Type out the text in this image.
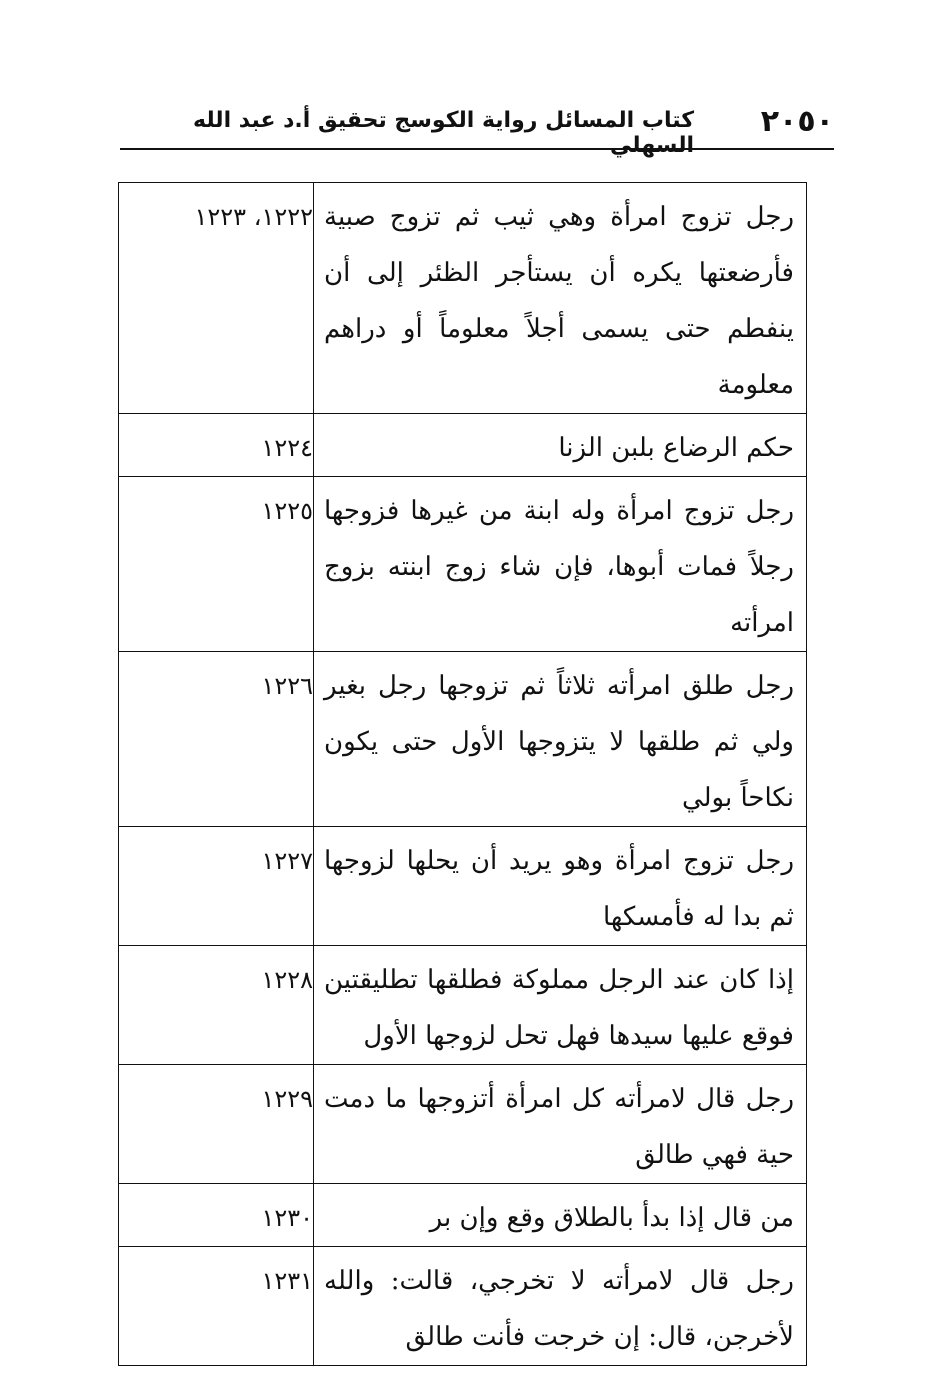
٢٠٥٠
كتاب المسائل رواية الكوسج تحقيق أ.د عبد الله السهلي
رجل تزوج امرأة وهي ثيب ثم تزوج صبية فأرضعتها يكره أن يستأجر الظئر إلى أن ينفطم حتى يسمى أجلاً معلوماً أو دراهم معلومة	١٢٢٢، ١٢٢٣
حكم الرضاع بلبن الزنا	١٢٢٤
رجل تزوج امرأة وله ابنة من غيرها فزوجها رجلاً فمات أبوها، فإن شاء زوج ابنته بزوج امرأته	١٢٢٥
رجل طلق امرأته ثلاثاً ثم تزوجها رجل بغير ولي ثم طلقها لا يتزوجها الأول حتى يكون نكاحاً بولي	١٢٢٦
رجل تزوج امرأة وهو يريد أن يحلها لزوجها ثم بدا له فأمسكها	١٢٢٧
إذا كان عند الرجل مملوكة فطلقها تطليقتين فوقع عليها سيدها فهل تحل لزوجها الأول	١٢٢٨
رجل قال لامرأته كل امرأة أتزوجها ما دمت حية فهي طالق	١٢٢٩
من قال إذا بدأ بالطلاق وقع وإن بر	١٢٣٠
رجل قال لامرأته لا تخرجي، قالت: والله لأخرجن، قال: إن خرجت فأنت طالق	١٢٣١
